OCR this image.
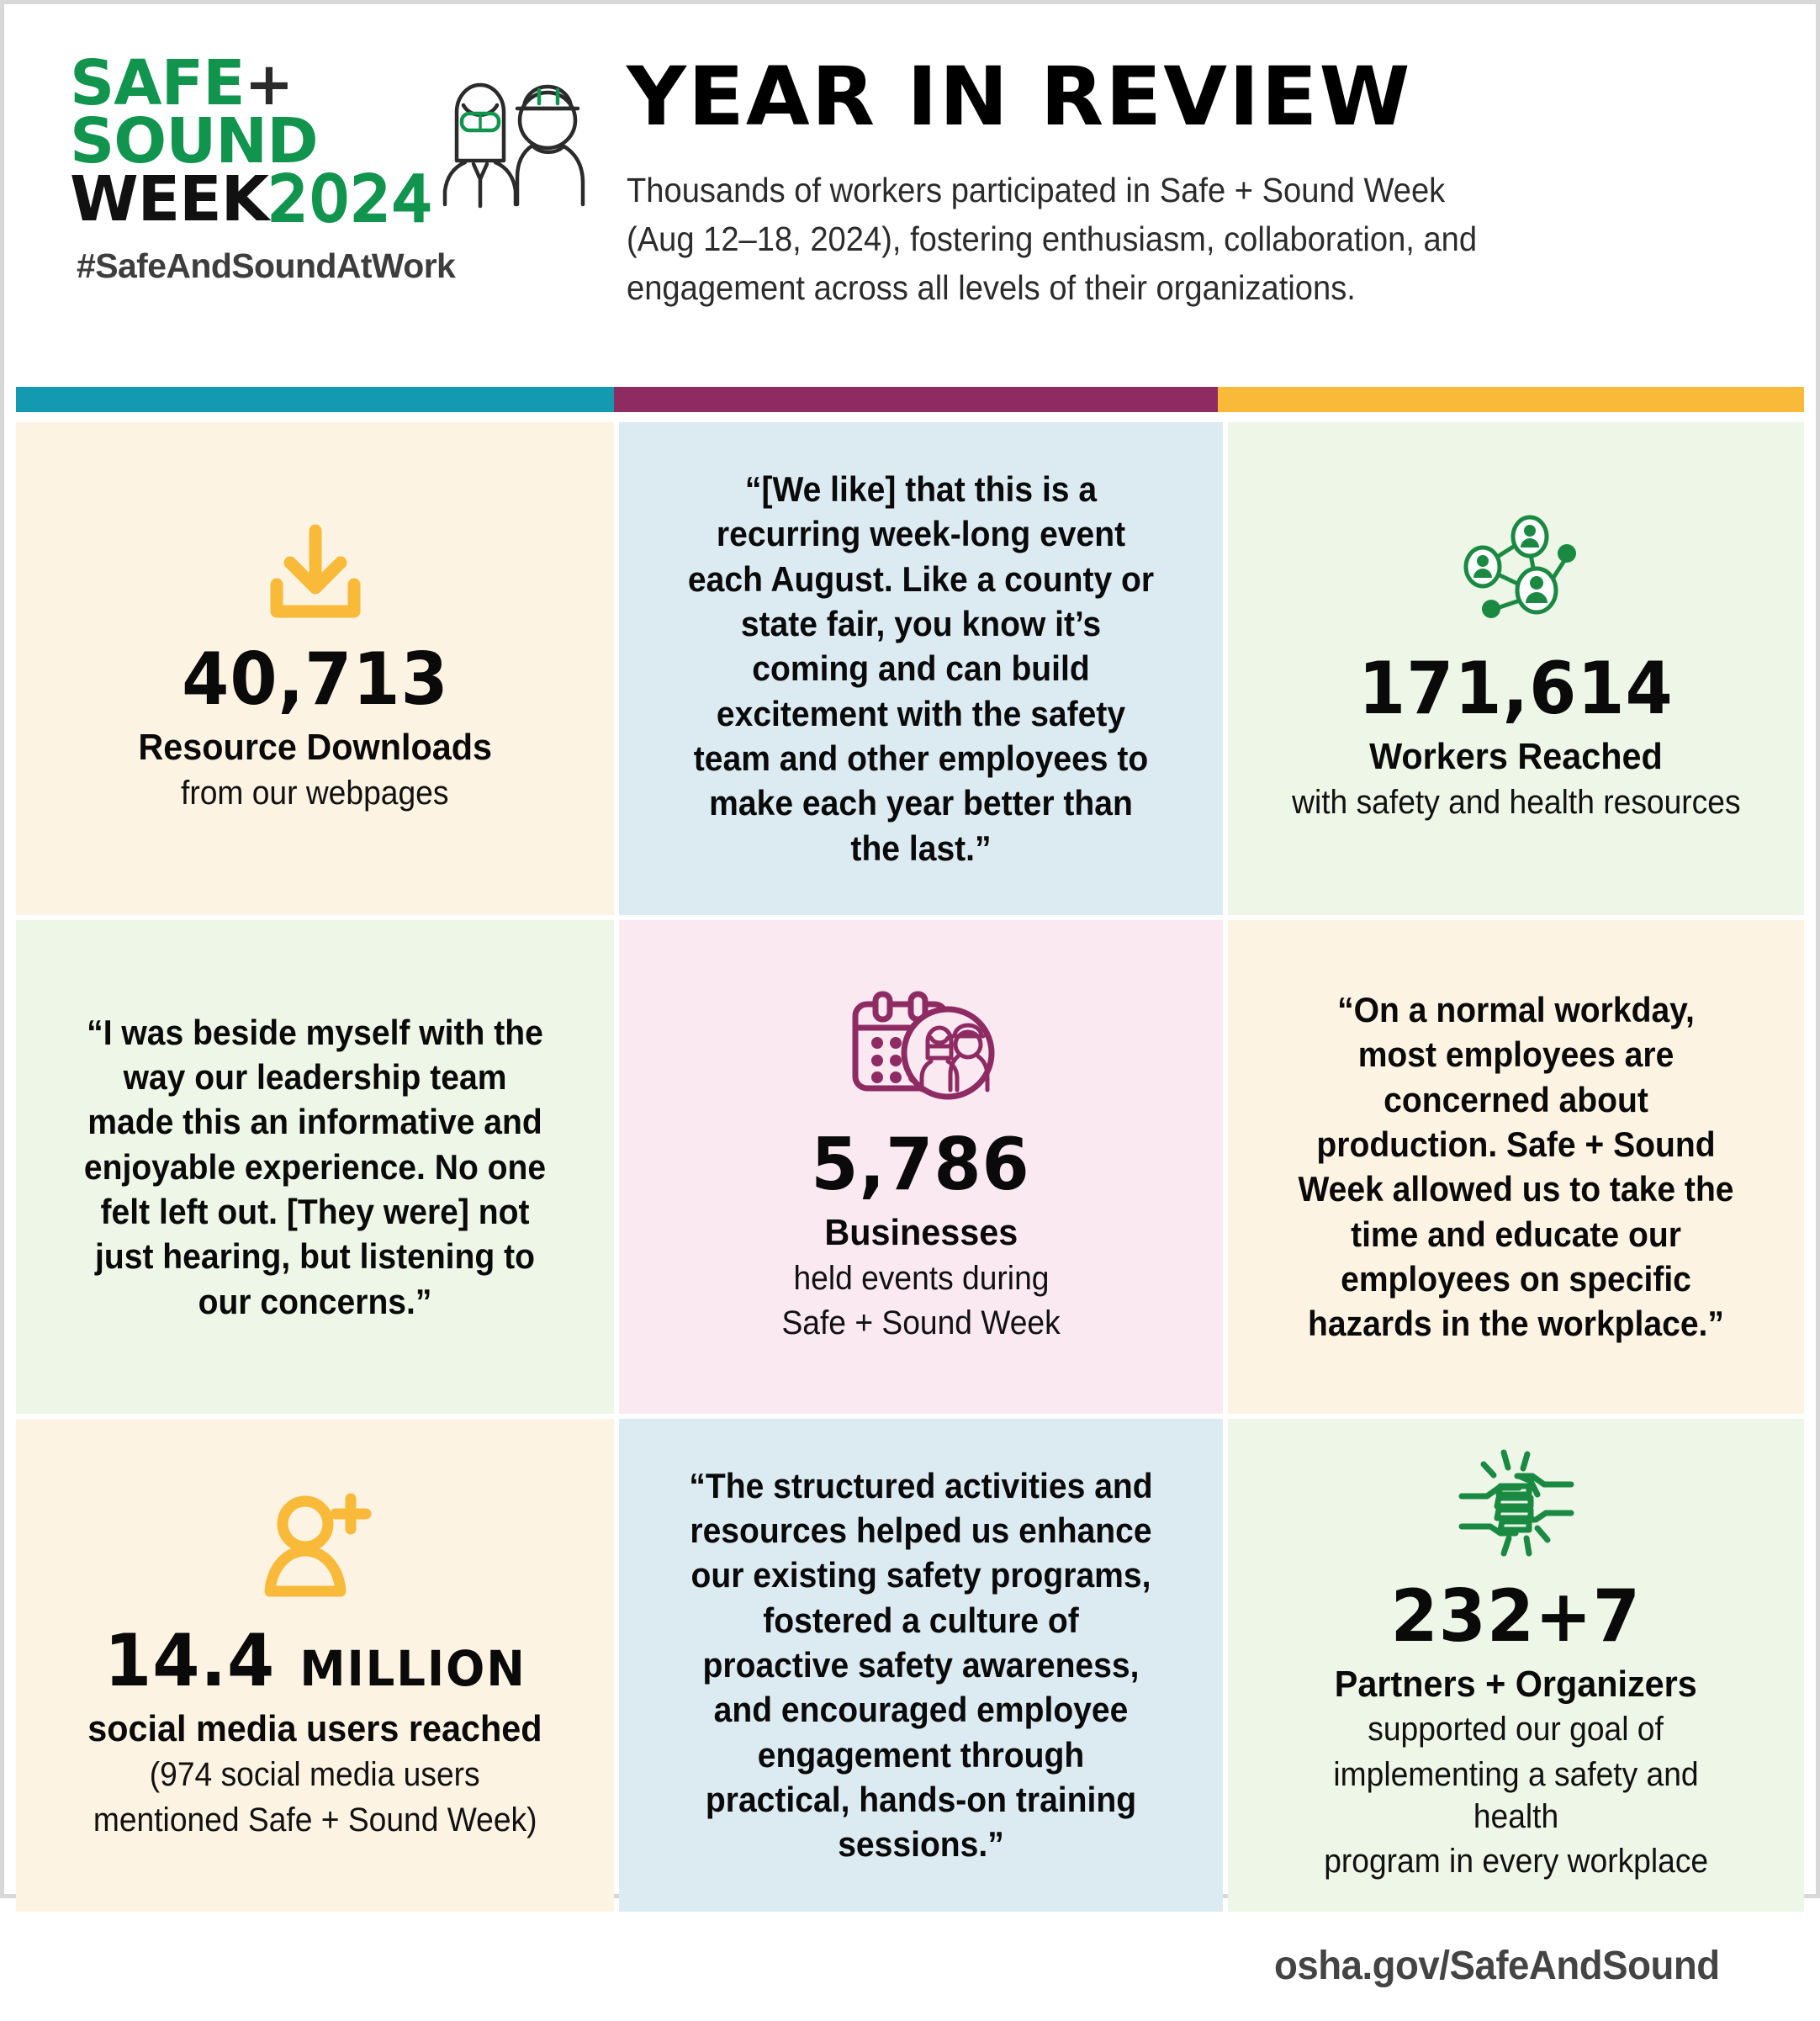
SAFE+
SOUND
WEEK2024
#SafeAndSoundAtWork
YEAR IN REVIEW
Thousands of workers participated in Safe + Sound Week (Aug 12–18, 2024), fostering enthusiasm, collaboration, and engagement across all levels of their organizations.
40,713
Resource Downloads
from our webpages
“[We like] that this is a recurring week-long event each August. Like a county or state fair, you know it’s coming and can build excitement with the safety team and other employees to make each year better than the last.”
171,614
Workers Reached
with safety and health resources
“I was beside myself with the way our leadership team made this an informative and enjoyable experience. No one felt left out. [They were] not just hearing, but listening to our concerns.”
5,786
Businesses
held events during
Safe + Sound Week
“On a normal workday, most employees are concerned about production. Safe + Sound Week allowed us to take the time and educate our employees on specific hazards in the workplace.”
14.4 MILLION
social media users reached
(974 social media users
mentioned Safe + Sound Week)
“The structured activities and resources helped us enhance our existing safety programs, fostered a culture of proactive safety awareness, and encouraged employee engagement through practical, hands-on training sessions.”
232+7
Partners + Organizers
supported our goal of
implementing a safety and health
program in every workplace
osha.gov/SafeAndSound
